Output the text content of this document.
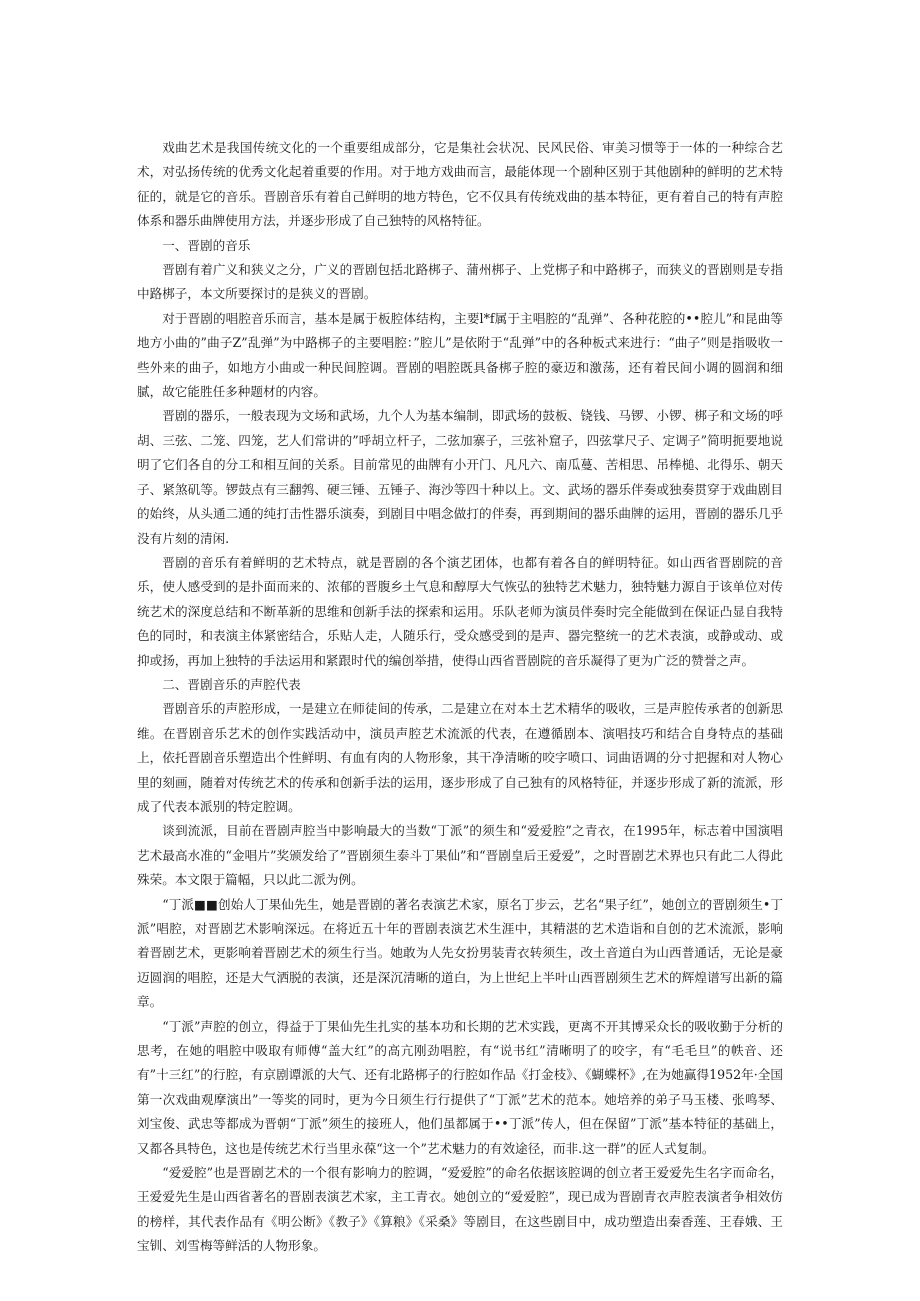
戏曲艺术是我国传统文化的一个重要组成部分，它是集社会状况、民风民俗、审美习惯等于一体的一种综合艺术，对弘扬传统的优秀文化起着重要的作用。对于地方戏曲而言，最能体现一个剧种区别于其他剧种的鲜明的艺术特征的，就是它的音乐。晋剧音乐有着自己鲜明的地方特色，它不仅具有传统戏曲的基本特征，更有着自己的特有声腔体系和器乐曲牌使用方法，并逐步形成了自己独特的风格特征。

一、晋剧的音乐

晋剧有着广义和狭义之分，广义的晋剧包括北路梆子、蒲州梆子、上党梆子和中路梆子，而狭义的晋剧则是专指中路梆子，本文所要探讨的是狭义的晋剧。

对于晋剧的唱腔音乐而言，基本是属于板腔体结构，主要l*f属于主唱腔的“乱弹”、各种花腔的••腔儿”和昆曲等地方小曲的”曲子Z”乱弹”为中路梆子的主要唱腔：”腔儿”是依附于“乱弹”中的各种板式来进行：“曲子”则是指吸收一些外来的曲子，如地方小曲或一种民间腔调。晋剧的唱腔既具备梆子腔的豪迈和激荡，还有着民间小调的圆润和细腻，故它能胜任多种题材的内容。

晋剧的器乐，一般表现为文场和武场，九个人为基本编制，即武场的鼓板、铙钱、马锣、小锣、梆子和文场的呼胡、三弦、二笼、四笼，艺人们常讲的”呼胡立杆子，二弦加寨子，三弦补窟子，四弦掌尺子、定调子”简明扼要地说明了它们各自的分工和相互间的关系。目前常见的曲牌有小开门、凡凡六、南瓜蔓、苦相思、吊棒槌、北得乐、朝天子、紧煞矶等。锣鼓点有三翻鹁、硬三锤、五锤子、海沙等四十种以上。文、武场的器乐伴奏或独奏贯穿于戏曲剧目的始终，从头通二通的纯打击性器乐演奏，到剧目中唱念做打的伴奏，再到期间的器乐曲牌的运用，晋剧的器乐几乎没有片刻的清闲.

晋剧的音乐有着鲜明的艺术特点，就是晋剧的各个演艺团体，也都有着各自的鲜明特征。如山西省晋剧院的音乐，使人感受到的是扑面而来的、浓郁的晋腹乡土气息和醇厚大气恢弘的独特艺术魅力，独特魅力源自于该单位对传统艺术的深度总结和不断革新的思维和创新手法的探索和运用。乐队老师为演员伴奏时完全能做到在保证凸显自我特色的同时，和表演主体紧密结合，乐贴人走，人随乐行，受众感受到的是声、器完整统一的艺术表演，或静或动、或抑或扬，再加上独特的手法运用和紧跟时代的编创举措，使得山西省晋剧院的音乐凝得了更为广泛的赞誉之声。

二、晋剧音乐的声腔代表

晋剧音乐的声腔形成，一是建立在师徒间的传承，二是建立在对本土艺术精华的吸收，三是声腔传承者的创新思维。在晋剧音乐艺术的创作实践活动中，演员声腔艺术流派的代表，在遵循剧本、演唱技巧和结合自身特点的基础上，依托晋剧音乐塑造出个性鲜明、有血有肉的人物形象，其干净清晰的咬字喷口、词曲语调的分寸把握和对人物心里的刻画，随着对传统艺术的传承和创新手法的运用，逐步形成了自己独有的风格特征，并逐步形成了新的流派，形成了代表本派别的特定腔调。

谈到流派，目前在晋剧声腔当中影响最大的当数“丁派”的须生和“爱爱腔”之青衣，在1995年，标志着中国演唱艺术最高水准的“金唱片”奖颁发给了”晋剧须生泰斗丁果仙”和“晋剧皇后王爱爱”，之时晋剧艺术界也只有此二人得此殊荣。本文限于篇幅，只以此二派为例。

“丁派■■创始人丁果仙先生，她是晋剧的著名表演艺术家，原名丁步云，艺名“果子红”，她创立的晋剧须生•丁派”唱腔，对晋剧艺术影响深远。在将近五十年的晋剧表演艺术生涯中，其精湛的艺术造诣和自创的艺术流派，影响着晋剧艺术，更影响着晋剧艺术的须生行当。她敢为人先女扮男装青衣转须生，改土音道白为山西普通话，无论是豪迈圆润的唱腔，还是大气洒脱的表演，还是深沉清晰的道白，为上世纪上半叶山西晋剧须生艺术的辉煌谱写出新的篇章。

“丁派”声腔的创立，得益于丁果仙先生扎实的基本功和长期的艺术实践，更离不开其博采众长的吸收勤于分析的思考，在她的唱腔中吸取有师傅“盖大红”的高亢刚劲唱腔，有“说书红”清晰明了的咬字，有“毛毛旦”的帙音、还有”十三红”的行腔，有京剧谭派的大气、还有北路梆子的行腔如作品《打金枝》、《蝴蝶杯》,在为她赢得1952年·全国第一次戏曲观摩演出”一等奖的同时，更为今日须生行行提供了“丁派”艺术的范本。她培养的弟子马玉楼、张鸣琴、刘宝俊、武忠等都成为晋朝“丁派”须生的接班人，他们虽都属于••丁派”传人，但在保留”丁派”基本特征的基础上，又都各具特色，这也是传统艺术行当里永葆“这一个”艺术魅力的有效途径，而非.这一群”的匠人式复制。

“爱爱腔”也是晋剧艺术的一个很有影响力的腔调，“爱爱腔”的命名依据该腔调的创立者王爱爱先生名字而命名，王爱爱先生是山西省著名的晋剧表演艺术家，主工青衣。她创立的“爱爱腔”，现已成为晋剧青衣声腔表演者争相效仿的榜样，其代表作品有《明公断》《教子》《算粮》《采桑》等剧目，在这些剧目中，成功塑造出秦香莲、王春娥、王宝钏、刘雪梅等鲜活的人物形象。
